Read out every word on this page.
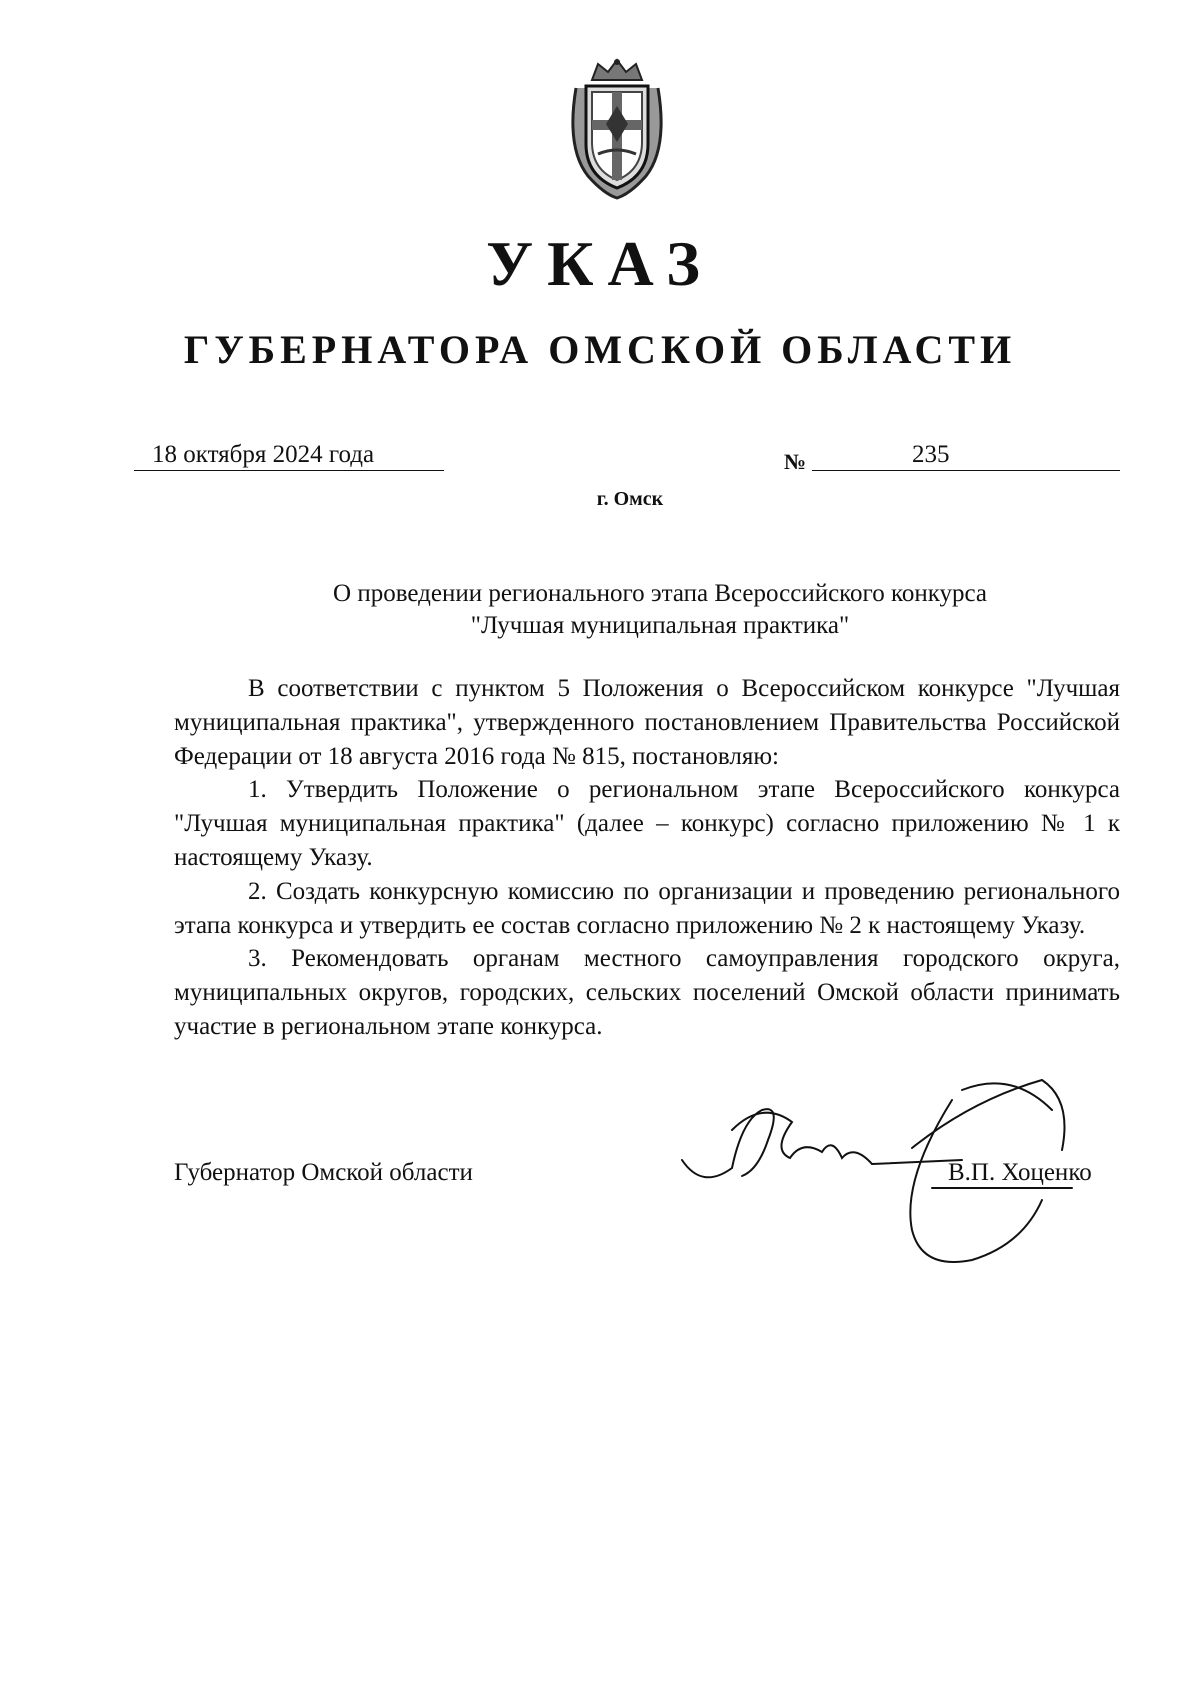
УКАЗ
ГУБЕРНАТОРА ОМСКОЙ ОБЛАСТИ
18 октября 2024 года	№	235
г. Омск
О проведении регионального этапа Всероссийского конкурса
"Лучшая муниципальная практика"

В соответствии с пунктом 5 Положения о Всероссийском конкурсе "Лучшая муниципальная практика", утвержденного постановлением Правительства Российской Федерации от 18 августа 2016 года № 815, постановляю:

1. Утвердить Положение о региональном этапе Всероссийского конкурса "Лучшая муниципальная практика" (далее – конкурс) согласно приложению № 1 к настоящему Указу.

2. Создать конкурсную комиссию по организации и проведению регионального этапа конкурса и утвердить ее состав согласно приложению № 2 к настоящему Указу.

3. Рекомендовать органам местного самоуправления городского округа, муниципальных округов, городских, сельских поселений Омской области принимать участие в региональном этапе конкурса.

Губернатор Омской области	В.П. Хоценко
